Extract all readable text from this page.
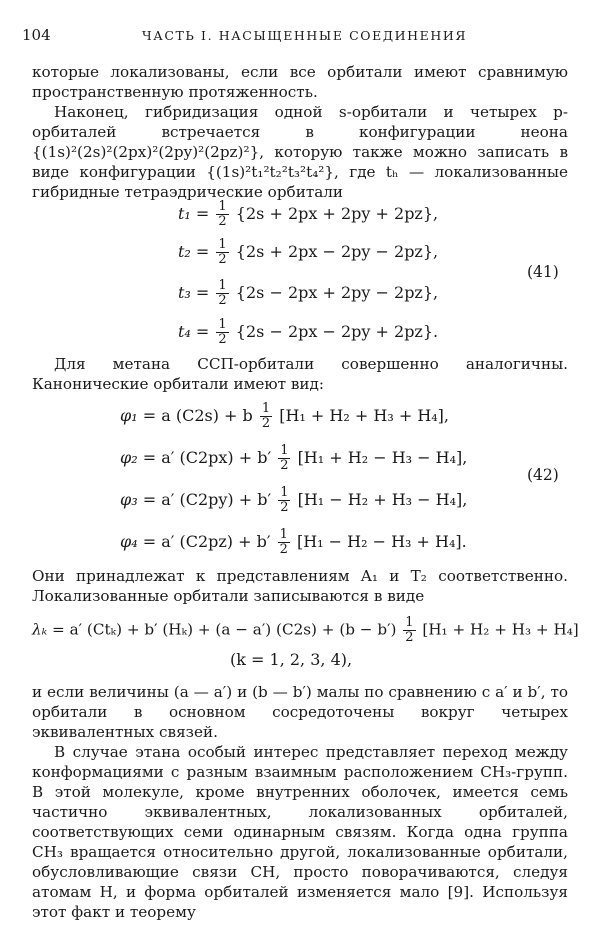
104	ЧАСТЬ I. НАСЫЩЕННЫЕ СОЕДИНЕНИЯ
которые локализованы, если все орбитали имеют сравнимую пространственную протяженность.
Наконец, гибридизация одной s-орбитали и четырех p-орбиталей встречается в конфигурации неона {(1s)²(2s)²(2px)²(2py)²(2pz)²}, которую также можно записать в виде конфигурации {(1s)²t₁²t₂²t₃²t₄²}, где tₕ — локализованные гибридные тетраэдрические орбитали
$t_1 = \frac{1}{2} \{2s + 2px + 2py + 2pz\}$,
$t_2 = \frac{1}{2} \{2s + 2px - 2py - 2pz\}$,
$t_3 = \frac{1}{2} \{2s - 2px + 2py - 2pz\}$,
$t_4 = \frac{1}{2} \{2s - 2px - 2py + 2pz\}$.
(41)
Для метана ССП-орбитали совершенно аналогичны. Канонические орбитали имеют вид:
φ₁ = a (C2s) + b $\frac{1}{2} [H_1 + H_2 + H_3 + H_4]$,
φ₂ = a′ $(C2px) + b' \frac{1}{2} [H_1 + H_2 - H_3 - H_4]$,
φ₃ = a′ $(C2py) + b' \frac{1}{2} [H_1 - H_2 + H_3 - H_4]$,
φ₄ = a′ $(C2pz) + b' \frac{1}{2} [H_1 - H_2 - H_3 + H_4]$.
(42)
Они принадлежат к представлениям A₁ и T₂ соответственно. Локализованные орбитали записываются в виде
λₖ = a′ (Ctₖ) + b′ (Hₖ) + (a − a′) $(C2s) + (b - b') \frac{1}{2} [H_1 + H_2 + H_3 + H_4]$
(k = 1, 2, 3, 4),
и если величины (a — a′) и (b — b′) малы по сравнению с a′ и b′, то орбитали в основном сосредоточены вокруг четырех эквивалентных связей.
В случае этана особый интерес представляет переход между конформациями с разным взаимным расположением CH₃-групп. В этой молекуле, кроме внутренних оболочек, имеется семь частично эквивалентных, локализованных орбиталей, соответствующих семи одинарным связям. Когда одна группа CH₃ вращается относительно другой, локализованные орбитали, обусловливающие связи CH, просто поворачиваются, следуя атомам H, и форма орбиталей изменяется мало [9]. Используя этот факт и теорему
